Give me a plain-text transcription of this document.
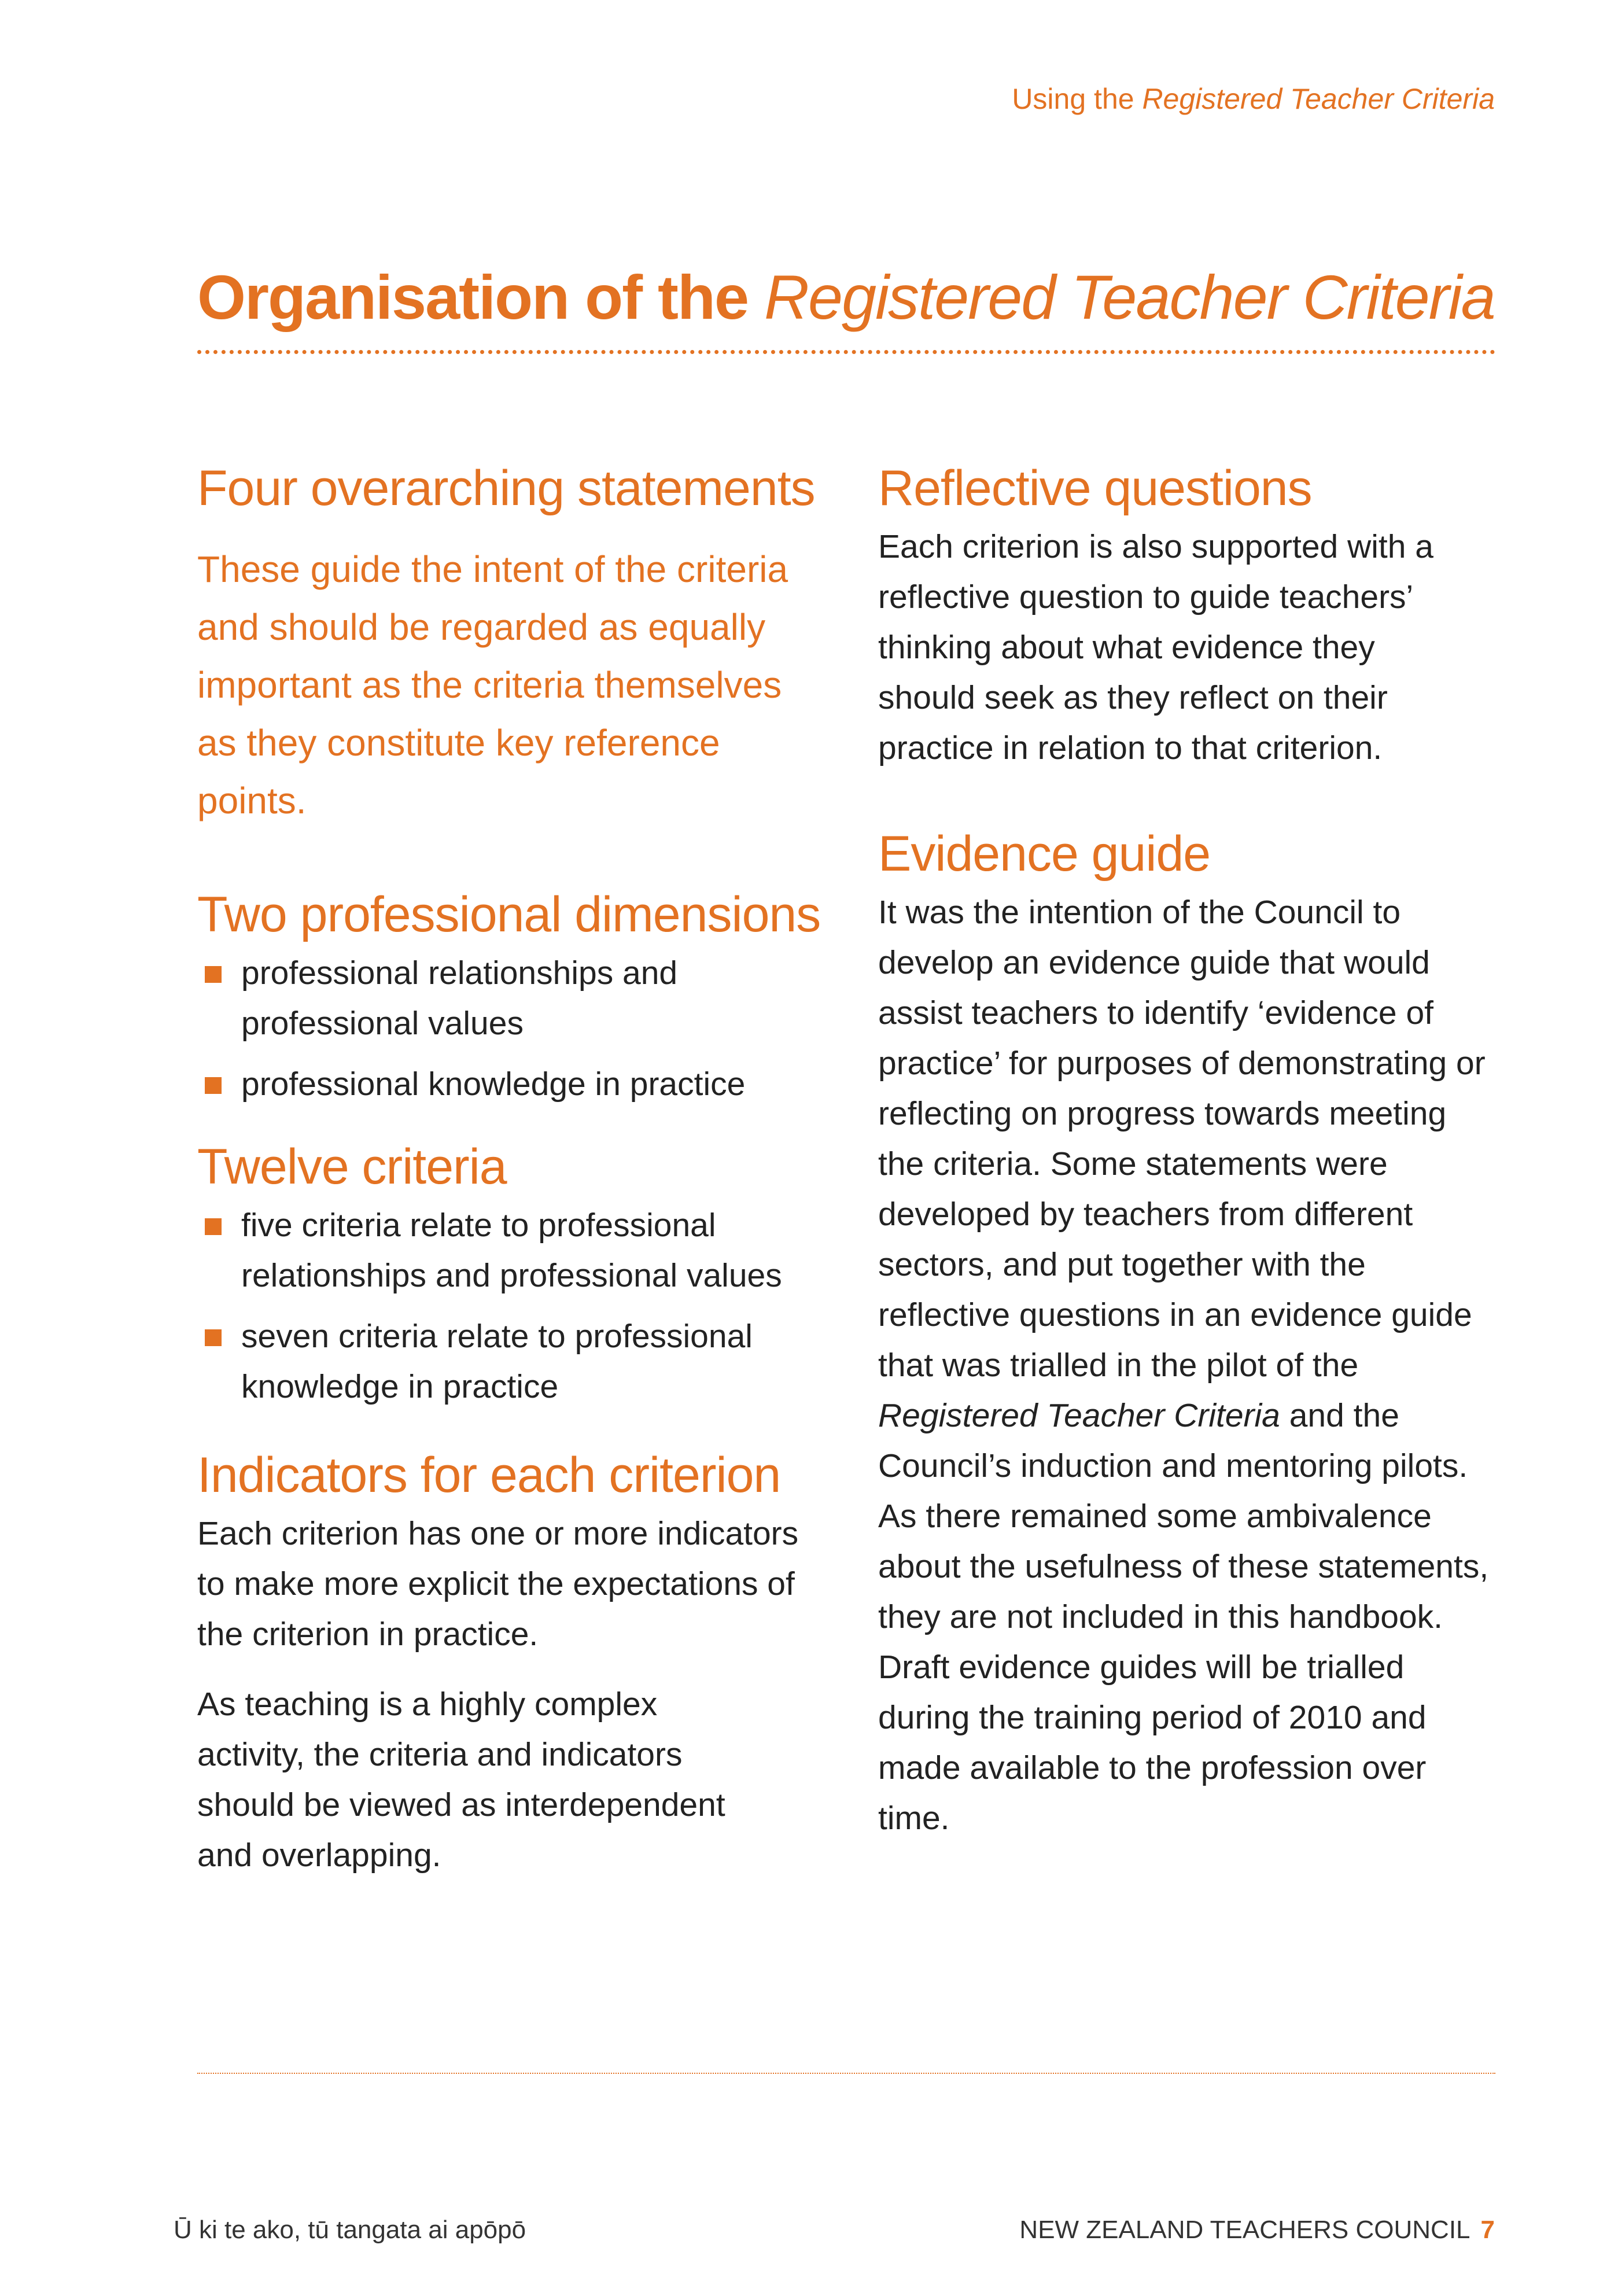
Using the Registered Teacher Criteria
Organisation of the Registered Teacher Criteria
Four overarching statements

These guide the intent of the criteria and should be regarded as equally important as the criteria themselves as they constitute key reference points.

Two professional dimensions
professional relationships and professional values
professional knowledge in practice
Twelve criteria
five criteria relate to professional relationships and professional values
seven criteria relate to professional knowledge in practice
Indicators for each criterion

Each criterion has one or more indicators to make more explicit the expectations of the criterion in practice.

As teaching is a highly complex activity, the criteria and indicators should be viewed as interdependent and overlapping.

Reflective questions

Each criterion is also supported with a reflective question to guide teachers’ thinking about what evidence they should seek as they reflect on their practice in relation to that criterion.

Evidence guide

It was the intention of the Council to develop an evidence guide that would assist teachers to identify ‘evidence of practice’ for purposes of demonstrating or reflecting on progress towards meeting the criteria. Some statements were developed by teachers from different sectors, and put together with the reflective questions in an evidence guide that was trialled in the pilot of the Registered Teacher Criteria and the Council’s induction and mentoring pilots. As there remained some ambivalence about the usefulness of these statements, they are not included in this handbook. Draft evidence guides will be trialled during the training period of 2010 and made available to the profession over time.

Ū ki te ako, tū tangata ai apōpō	NEW ZEALAND TEACHERS COUNCIL 7
